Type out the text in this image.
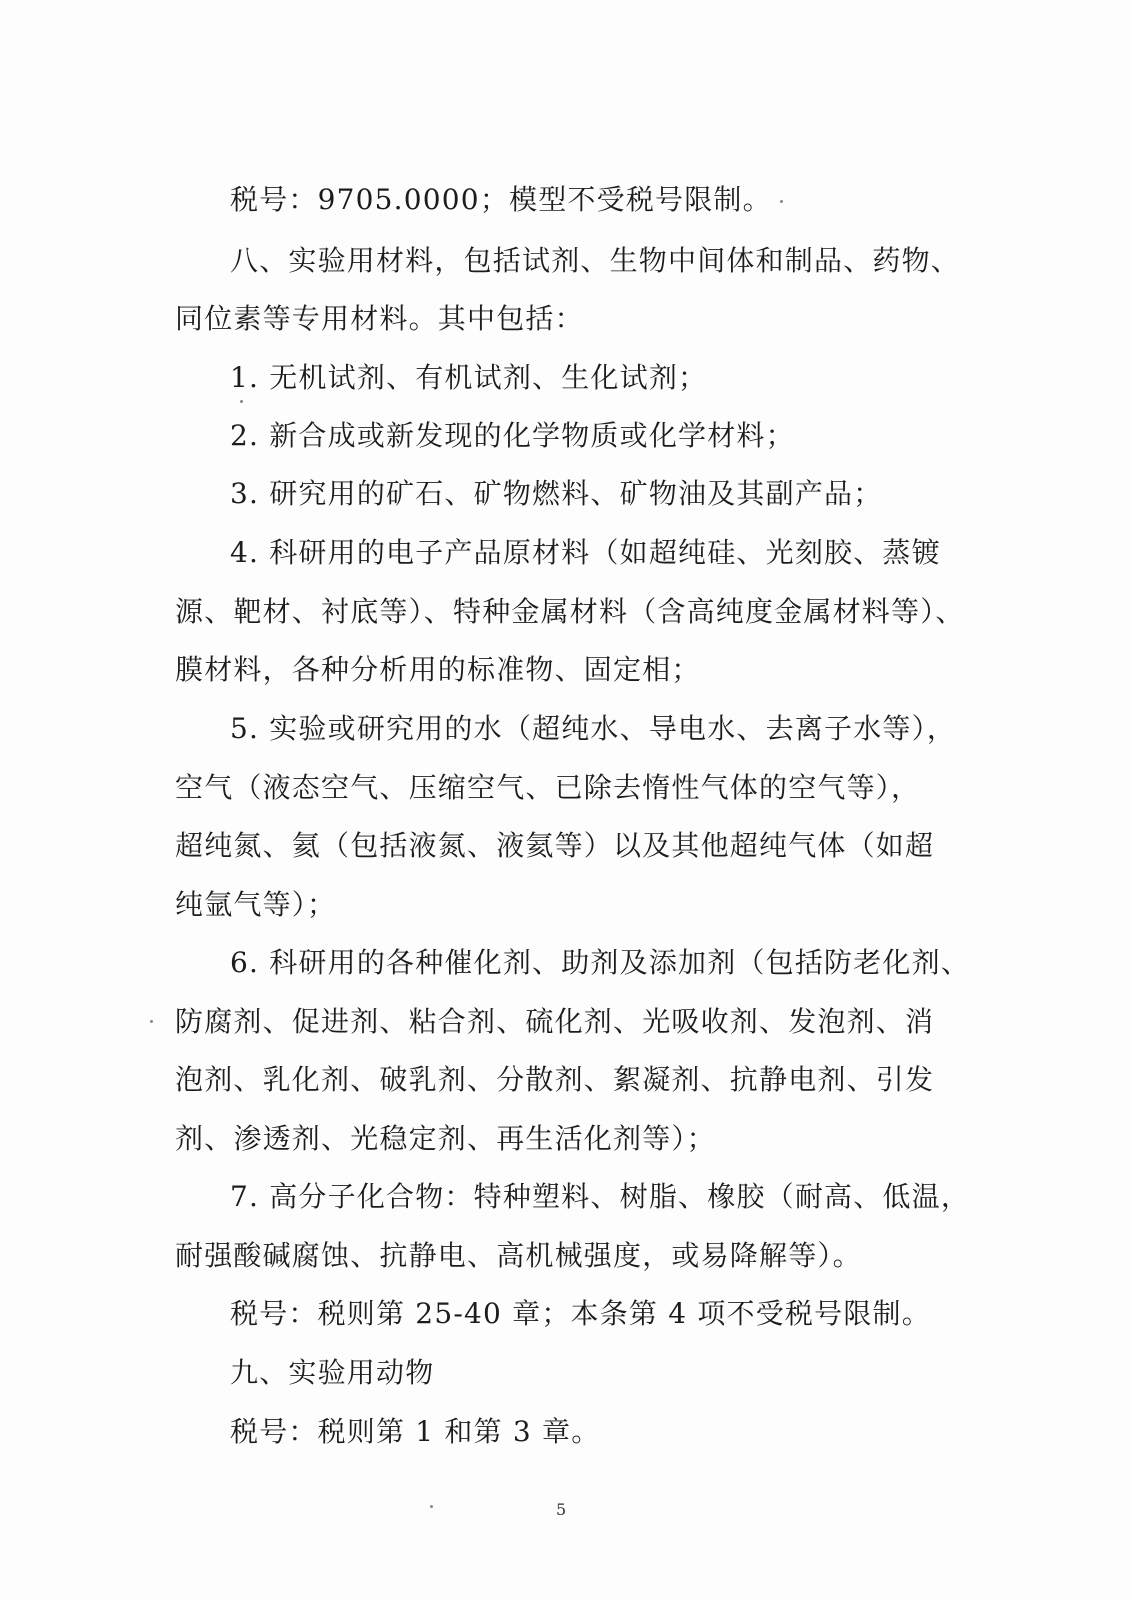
税号：9705.0000；模型不受税号限制。
八、实验用材料，包括试剂、生物中间体和制品、药物、
同位素等专用材料。其中包括：
1. 无机试剂、有机试剂、生化试剂；
2. 新合成或新发现的化学物质或化学材料；
3. 研究用的矿石、矿物燃料、矿物油及其副产品；
4. 科研用的电子产品原材料（如超纯硅、光刻胶、蒸镀
源、靶材、衬底等）、特种金属材料（含高纯度金属材料等）、
膜材料，各种分析用的标准物、固定相；
5. 实验或研究用的水（超纯水、导电水、去离子水等），
空气（液态空气、压缩空气、已除去惰性气体的空气等），
超纯氮、氦（包括液氮、液氦等）以及其他超纯气体（如超
纯氩气等）；
6. 科研用的各种催化剂、助剂及添加剂（包括防老化剂、
防腐剂、促进剂、粘合剂、硫化剂、光吸收剂、发泡剂、消
泡剂、乳化剂、破乳剂、分散剂、絮凝剂、抗静电剂、引发
剂、渗透剂、光稳定剂、再生活化剂等）；
7. 高分子化合物：特种塑料、树脂、橡胶（耐高、低温，
耐强酸碱腐蚀、抗静电、高机械强度，或易降解等）。
税号：税则第 25-40 章；本条第 4 项不受税号限制。
九、实验用动物
税号：税则第 1 和第 3 章。
5
